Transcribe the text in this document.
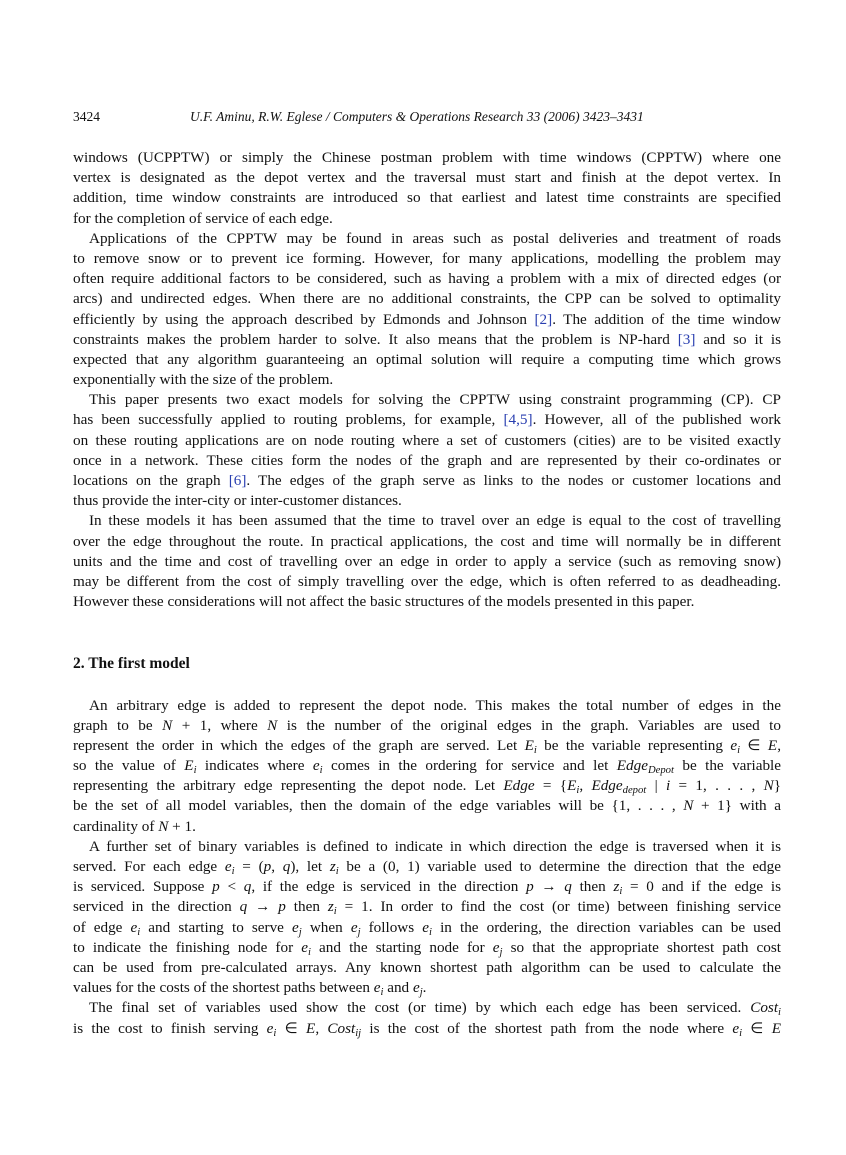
3424	U.F. Aminu, R.W. Eglese / Computers & Operations Research 33 (2006) 3423–3431
windows (UCPPTW) or simply the Chinese postman problem with time windows (CPPTW) where one
vertex is designated as the depot vertex and the traversal must start and finish at the depot vertex. In
addition, time window constraints are introduced so that earliest and latest time constraints are specified
for the completion of service of each edge.
Applications of the CPPTW may be found in areas such as postal deliveries and treatment of roads
to remove snow or to prevent ice forming. However, for many applications, modelling the problem may
often require additional factors to be considered, such as having a problem with a mix of directed edges (or
arcs) and undirected edges. When there are no additional constraints, the CPP can be solved to optimality
efficiently by using the approach described by Edmonds and Johnson [2]. The addition of the time window
constraints makes the problem harder to solve. It also means that the problem is NP-hard [3] and so it is
expected that any algorithm guaranteeing an optimal solution will require a computing time which grows
exponentially with the size of the problem.
This paper presents two exact models for solving the CPPTW using constraint programming (CP). CP
has been successfully applied to routing problems, for example, [4,5]. However, all of the published work
on these routing applications are on node routing where a set of customers (cities) are to be visited exactly
once in a network. These cities form the nodes of the graph and are represented by their co-ordinates or
locations on the graph [6]. The edges of the graph serve as links to the nodes or customer locations and
thus provide the inter-city or inter-customer distances.
In these models it has been assumed that the time to travel over an edge is equal to the cost of travelling
over the edge throughout the route. In practical applications, the cost and time will normally be in different
units and the time and cost of travelling over an edge in order to apply a service (such as removing snow)
may be different from the cost of simply travelling over the edge, which is often referred to as deadheading.
However these considerations will not affect the basic structures of the models presented in this paper.
2. The first model
An arbitrary edge is added to represent the depot node. This makes the total number of edges in the
graph to be N + 1, where N is the number of the original edges in the graph. Variables are used to
represent the order in which the edges of the graph are served. Let $E_i$ be the variable representing $e_i$ ∈ E,
so the value of $E_i$ indicates where $e_i$ comes in the ordering for service and let Edge$_{Depot}$ be the variable
representing the arbitrary edge representing the depot node. Let Edge = {$E_i$, Edge$_{depot}$ | i = 1, . . . , N}
be the set of all model variables, then the domain of the edge variables will be {1, . . . , N + 1} with a
cardinality of N + 1.
A further set of binary variables is defined to indicate in which direction the edge is traversed when it is
served. For each edge $e_i = (p$, q), let $z_i$ be a (0, 1) variable used to determine the direction that the edge
is serviced. Suppose p < q, if the edge is serviced in the direction p → q then $z_i = 0$ and if the edge is
serviced in the direction q → p then $z_i = 1$. In order to find the cost (or time) between finishing service
of edge $e_i$ and starting to serve $e_j$ when $e_j$ follows $e_i$ in the ordering, the direction variables can be used
to indicate the finishing node for $e_i$ and the starting node for $e_j$ so that the appropriate shortest path cost
can be used from pre-calculated arrays. Any known shortest path algorithm can be used to calculate the
values for the costs of the shortest paths between $e_i$ and $e_j$.
The final set of variables used show the cost (or time) by which each edge has been serviced. Cost$_i$
is the cost to finish serving $e_i$ ∈ E, Cost$_{ij}$ is the cost of the shortest path from the node where $e_i$ ∈ E
